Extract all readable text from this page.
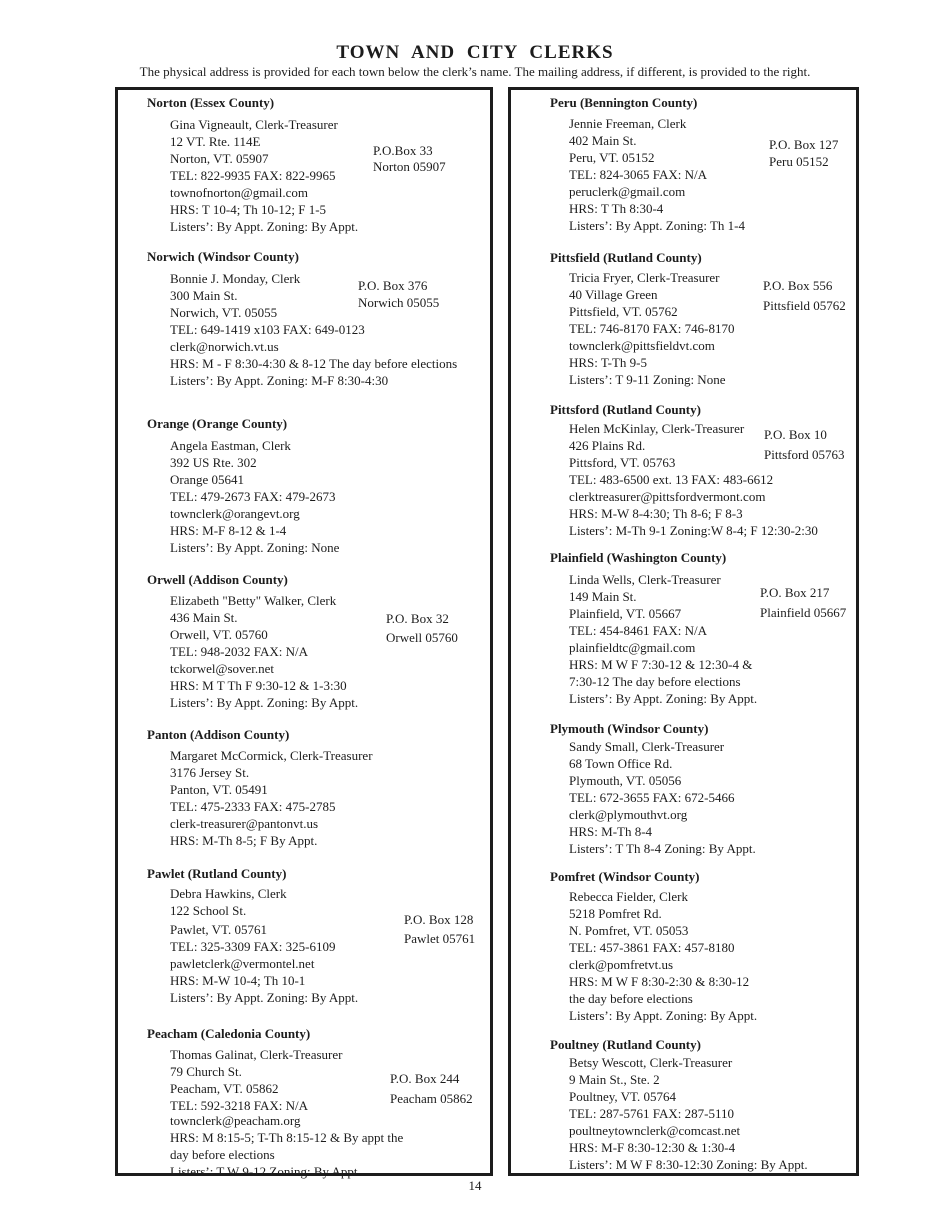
TOWN AND CITY CLERKS
The physical address is provided for each town below the clerk’s name. The mailing address, if different, is provided to the right.
Norton (Essex County)
Gina Vigneault, Clerk-Treasurer
12 VT. Rte. 114E
Norton, VT. 05907
TEL: 822-9935 FAX: 822-9965
townofnorton@gmail.com
HRS: T 10-4; Th 10-12; F 1-5
Listers’: By Appt. Zoning: By Appt.
P.O.Box 33
Norton 05907
Norwich (Windsor County)
Bonnie J. Monday, Clerk
300 Main St.
Norwich, VT. 05055
TEL: 649-1419 x103 FAX: 649-0123
clerk@norwich.vt.us
HRS: M - F 8:30-4:30 & 8-12 The day before elections
Listers’: By Appt. Zoning: M-F 8:30-4:30
P.O. Box 376
Norwich 05055
Orange (Orange County)
Angela Eastman, Clerk
392 US Rte. 302
Orange 05641
TEL: 479-2673 FAX: 479-2673
townclerk@orangevt.org
HRS: M-F 8-12 & 1-4
Listers’: By Appt. Zoning: None
Orwell (Addison County)
Elizabeth "Betty" Walker, Clerk
436 Main St.
Orwell, VT. 05760
TEL: 948-2032 FAX: N/A
tckorwel@sover.net
HRS: M T Th F 9:30-12 & 1-3:30
Listers’: By Appt. Zoning: By Appt.
P.O. Box 32
Orwell 05760
Panton (Addison County)
Margaret McCormick, Clerk-Treasurer
3176 Jersey St.
Panton, VT. 05491
TEL: 475-2333 FAX: 475-2785
clerk-treasurer@pantonvt.us
HRS: M-Th 8-5; F By Appt.
Pawlet (Rutland County)
Debra Hawkins, Clerk
122 School St.
Pawlet, VT. 05761
TEL: 325-3309 FAX: 325-6109
pawletclerk@vermontel.net
HRS: M-W 10-4; Th 10-1
Listers’: By Appt. Zoning: By Appt.
P.O. Box 128
Pawlet 05761
Peacham (Caledonia County)
Thomas Galinat, Clerk-Treasurer
79 Church St.
Peacham, VT. 05862
TEL: 592-3218 FAX: N/A
townclerk@peacham.org
HRS: M 8:15-5; T-Th 8:15-12 & By appt the
day before elections
Listers’: T W 9-12 Zoning: By Appt
P.O. Box 244
Peacham 05862
Peru (Bennington County)
Jennie Freeman, Clerk
402 Main St.
Peru, VT. 05152
TEL: 824-3065 FAX: N/A
peruclerk@gmail.com
HRS: T Th 8:30-4
Listers’: By Appt. Zoning: Th 1-4
P.O. Box 127
Peru 05152
Pittsfield (Rutland County)
Tricia Fryer, Clerk-Treasurer
40 Village Green
Pittsfield, VT. 05762
TEL: 746-8170 FAX: 746-8170
townclerk@pittsfieldvt.com
HRS: T-Th 9-5
Listers’: T 9-11 Zoning: None
P.O. Box 556
Pittsfield 05762
Pittsford (Rutland County)
Helen McKinlay, Clerk-Treasurer
426 Plains Rd.
Pittsford, VT. 05763
TEL: 483-6500 ext. 13 FAX: 483-6612
clerktreasurer@pittsfordvermont.com
HRS: M-W 8-4:30; Th 8-6; F 8-3
Listers’: M-Th 9-1 Zoning:W 8-4; F 12:30-2:30
P.O. Box 10
Pittsford 05763
Plainfield (Washington County)
Linda Wells, Clerk-Treasurer
149 Main St.
Plainfield, VT. 05667
TEL: 454-8461 FAX: N/A
plainfieldtc@gmail.com
HRS: M W F 7:30-12 & 12:30-4 &
7:30-12 The day before elections
Listers’: By Appt. Zoning: By Appt.
P.O. Box 217
Plainfield 05667
Plymouth (Windsor County)
Sandy Small, Clerk-Treasurer
68 Town Office Rd.
Plymouth, VT. 05056
TEL: 672-3655 FAX: 672-5466
clerk@plymouthvt.org
HRS: M-Th 8-4
Listers’: T Th 8-4 Zoning: By Appt.
Pomfret (Windsor County)
Rebecca Fielder, Clerk
5218 Pomfret Rd.
N. Pomfret, VT. 05053
TEL: 457-3861 FAX: 457-8180
clerk@pomfretvt.us
HRS: M W F 8:30-2:30 & 8:30-12
the day before elections
Listers’: By Appt. Zoning: By Appt.
Poultney (Rutland County)
Betsy Wescott, Clerk-Treasurer
9 Main St., Ste. 2
Poultney, VT. 05764
TEL: 287-5761 FAX: 287-5110
poultneytownclerk@comcast.net
HRS: M-F 8:30-12:30 & 1:30-4
Listers’: M W F 8:30-12:30 Zoning: By Appt.
14
